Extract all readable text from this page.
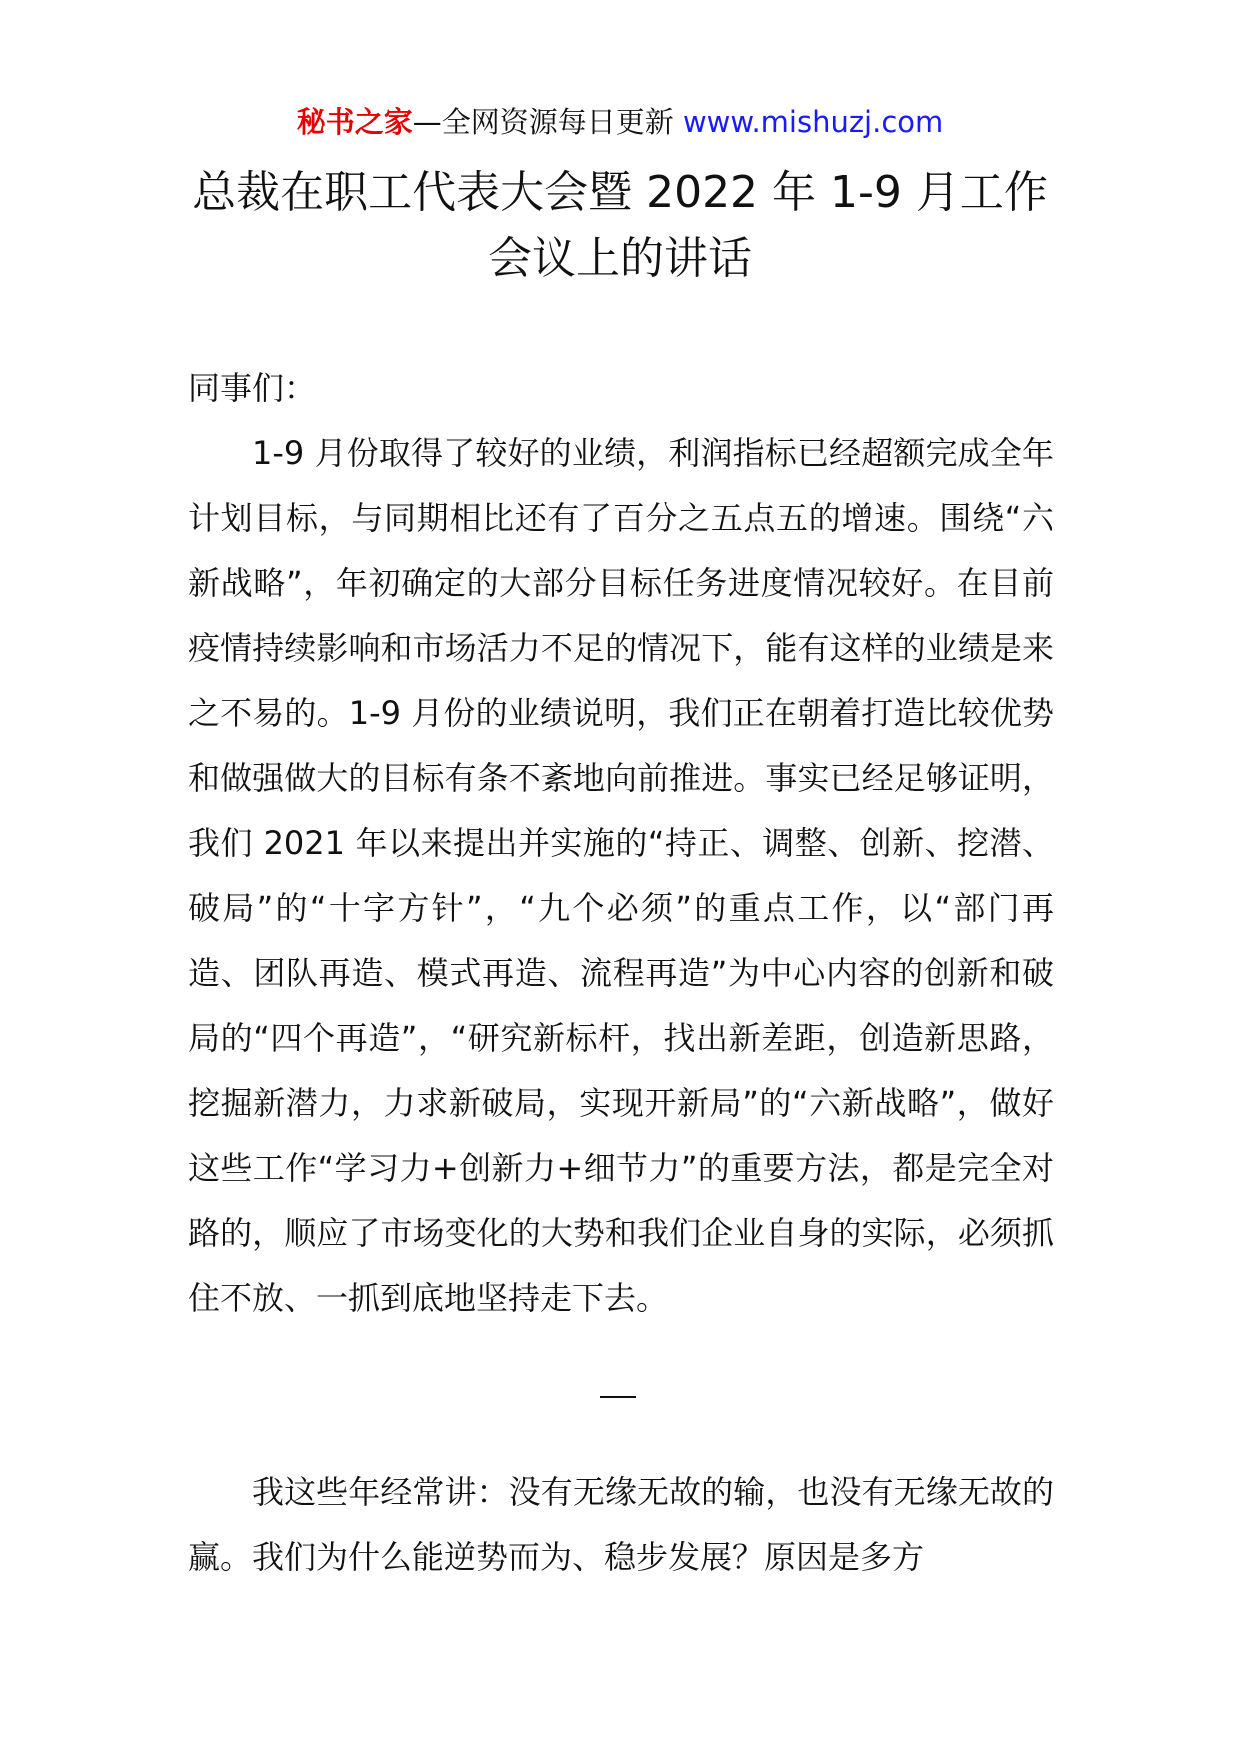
秘书之家—全网资源每日更新 www.mishuzj.com
总裁在职工代表大会暨 2022 年 1-9 月工作
会议上的讲话
同事们：
1-9 月份取得了较好的业绩，利润指标已经超额完成全年计划目标，与同期相比还有了百分之五点五的增速。围绕“六新战略”，年初确定的大部分目标任务进度情况较好。在目前疫情持续影响和市场活力不足的情况下，能有这样的业绩是来之不易的。1-9 月份的业绩说明，我们正在朝着打造比较优势和做强做大的目标有条不紊地向前推进。事实已经足够证明，我们 2021 年以来提出并实施的“持正、调整、创新、挖潜、破局”的“十字方针”，“九个必须”的重点工作，以“部门再造、团队再造、模式再造、流程再造”为中心内容的创新和破局的“四个再造”，“研究新标杆，找出新差距，创造新思路，挖掘新潜力，力求新破局，实现开新局”的“六新战略”，做好这些工作“学习力+创新力+细节力”的重要方法，都是完全对路的，顺应了市场变化的大势和我们企业自身的实际，必须抓住不放、一抓到底地坚持走下去。
我这些年经常讲：没有无缘无故的输，也没有无缘无故的赢。我们为什么能逆势而为、稳步发展？原因是多方
